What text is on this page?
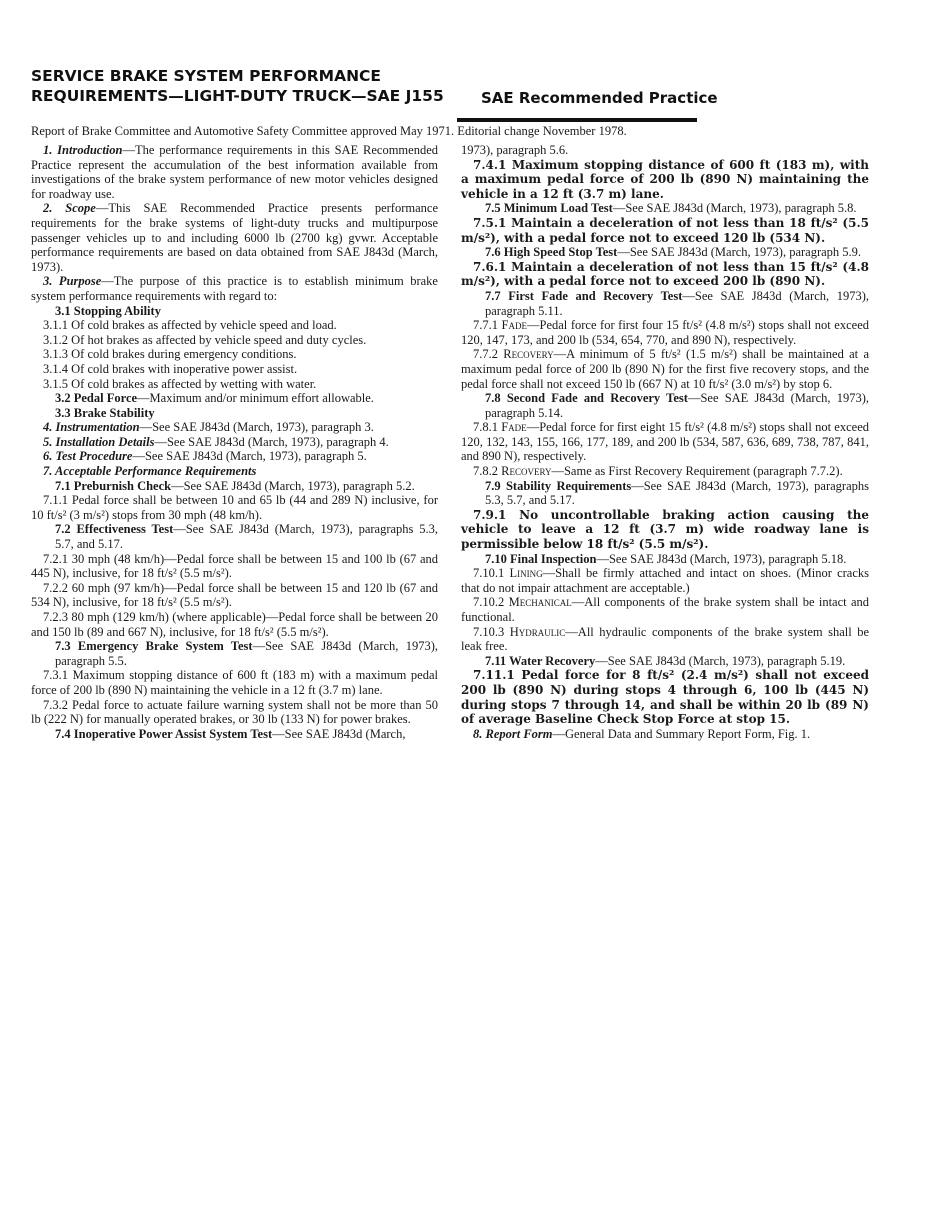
SERVICE BRAKE SYSTEM PERFORMANCE
REQUIREMENTS—LIGHT-DUTY TRUCK—SAE J155	SAE Recommended Practice
Report of Brake Committee and Automotive Safety Committee approved May 1971. Editorial change November 1978.

1. Introduction—The performance requirements in this SAE Recommended Practice represent the accumulation of the best information available from investigations of the brake system performance of new motor vehicles designed for roadway use.

2. Scope—This SAE Recommended Practice presents performance requirements for the brake systems of light-duty trucks and multipurpose passenger vehicles up to and including 6000 lb (2700 kg) gvwr. Acceptable performance requirements are based on data obtained from SAE J843d (March, 1973).

3. Purpose—The purpose of this practice is to establish minimum brake system performance requirements with regard to:

3.1 Stopping Ability

3.1.1 Of cold brakes as affected by vehicle speed and load.

3.1.2 Of hot brakes as affected by vehicle speed and duty cycles.

3.1.3 Of cold brakes during emergency conditions.

3.1.4 Of cold brakes with inoperative power assist.

3.1.5 Of cold brakes as affected by wetting with water.

3.2 Pedal Force—Maximum and/or minimum effort allowable.

3.3 Brake Stability

4. Instrumentation—See SAE J843d (March, 1973), paragraph 3.

5. Installation Details—See SAE J843d (March, 1973), paragraph 4.

6. Test Procedure—See SAE J843d (March, 1973), paragraph 5.

7. Acceptable Performance Requirements

7.1 Preburnish Check—See SAE J843d (March, 1973), paragraph 5.2.

7.1.1 Pedal force shall be between 10 and 65 lb (44 and 289 N) inclusive, for 10 ft/s² (3 m/s²) stops from 30 mph (48 km/h).

7.2 Effectiveness Test—See SAE J843d (March, 1973), paragraphs 5.3, 5.7, and 5.17.

7.2.1 30 mph (48 km/h)—Pedal force shall be between 15 and 100 lb (67 and 445 N), inclusive, for 18 ft/s² (5.5 m/s²).

7.2.2 60 mph (97 km/h)—Pedal force shall be between 15 and 120 lb (67 and 534 N), inclusive, for 18 ft/s² (5.5 m/s²).

7.2.3 80 mph (129 km/h) (where applicable)—Pedal force shall be between 20 and 150 lb (89 and 667 N), inclusive, for 18 ft/s² (5.5 m/s²).

7.3 Emergency Brake System Test—See SAE J843d (March, 1973), paragraph 5.5.

7.3.1 Maximum stopping distance of 600 ft (183 m) with a maximum pedal force of 200 lb (890 N) maintaining the vehicle in a 12 ft (3.7 m) lane.

7.3.2 Pedal force to actuate failure warning system shall not be more than 50 lb (222 N) for manually operated brakes, or 30 lb (133 N) for power brakes.

7.4 Inoperative Power Assist System Test—See SAE J843d (March,

1973), paragraph 5.6.

7.4.1 Maximum stopping distance of 600 ft (183 m), with a maximum pedal force of 200 lb (890 N) maintaining the vehicle in a 12 ft (3.7 m) lane.

7.5 Minimum Load Test—See SAE J843d (March, 1973), paragraph 5.8.

7.5.1 Maintain a deceleration of not less than 18 ft/s² (5.5 m/s²), with a pedal force not to exceed 120 lb (534 N).

7.6 High Speed Stop Test—See SAE J843d (March, 1973), paragraph 5.9.

7.6.1 Maintain a deceleration of not less than 15 ft/s² (4.8 m/s²), with a pedal force not to exceed 200 lb (890 N).

7.7 First Fade and Recovery Test—See SAE J843d (March, 1973), paragraph 5.11.

7.7.1 Fade—Pedal force for first four 15 ft/s² (4.8 m/s²) stops shall not exceed 120, 147, 173, and 200 lb (534, 654, 770, and 890 N), respectively.

7.7.2 Recovery—A minimum of 5 ft/s² (1.5 m/s²) shall be maintained at a maximum pedal force of 200 lb (890 N) for the first five recovery stops, and the pedal force shall not exceed 150 lb (667 N) at 10 ft/s² (3.0 m/s²) by stop 6.

7.8 Second Fade and Recovery Test—See SAE J843d (March, 1973), paragraph 5.14.

7.8.1 Fade—Pedal force for first eight 15 ft/s² (4.8 m/s²) stops shall not exceed 120, 132, 143, 155, 166, 177, 189, and 200 lb (534, 587, 636, 689, 738, 787, 841, and 890 N), respectively.

7.8.2 Recovery—Same as First Recovery Requirement (paragraph 7.7.2).

7.9 Stability Requirements—See SAE J843d (March, 1973), paragraphs 5.3, 5.7, and 5.17.

7.9.1 No uncontrollable braking action causing the vehicle to leave a 12 ft (3.7 m) wide roadway lane is permissible below 18 ft/s² (5.5 m/s²).

7.10 Final Inspection—See SAE J843d (March, 1973), paragraph 5.18.

7.10.1 Lining—Shall be firmly attached and intact on shoes. (Minor cracks that do not impair attachment are acceptable.)

7.10.2 Mechanical—All components of the brake system shall be intact and functional.

7.10.3 Hydraulic—All hydraulic components of the brake system shall be leak free.

7.11 Water Recovery—See SAE J843d (March, 1973), paragraph 5.19.

7.11.1 Pedal force for 8 ft/s² (2.4 m/s²) shall not exceed 200 lb (890 N) during stops 4 through 6, 100 lb (445 N) during stops 7 through 14, and shall be within 20 lb (89 N) of average Baseline Check Stop Force at stop 15.

8. Report Form—General Data and Summary Report Form, Fig. 1.
